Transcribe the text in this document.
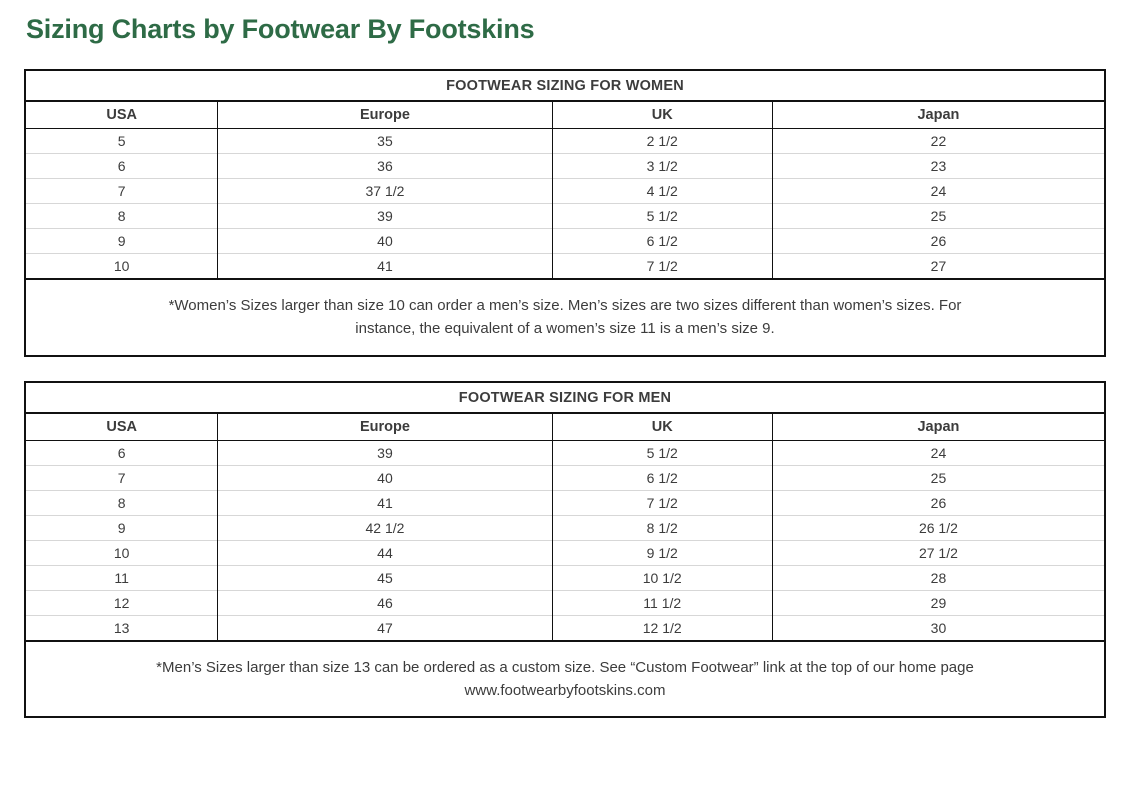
Sizing Charts by Footwear By Footskins
FOOTWEAR SIZING FOR WOMEN
USA	Europe	UK	Japan
5	35	2 1/2	22
6	36	3 1/2	23
7	37 1/2	4 1/2	24
8	39	5 1/2	25
9	40	6 1/2	26
10	41	7 1/2	27
*Women’s Sizes larger than size 10 can order a men’s size. Men’s sizes are two sizes different than women’s sizes. For
instance, the equivalent of a women’s size 11 is a men’s size 9.
FOOTWEAR SIZING FOR MEN
USA	Europe	UK	Japan
6	39	5 1/2	24
7	40	6 1/2	25
8	41	7 1/2	26
9	42 1/2	8 1/2	26 1/2
10	44	9 1/2	27 1/2
11	45	10 1/2	28
12	46	11 1/2	29
13	47	12 1/2	30
*Men’s Sizes larger than size 13 can be ordered as a custom size. See “Custom Footwear” link at the top of our home page
www.footwearbyfootskins.com
